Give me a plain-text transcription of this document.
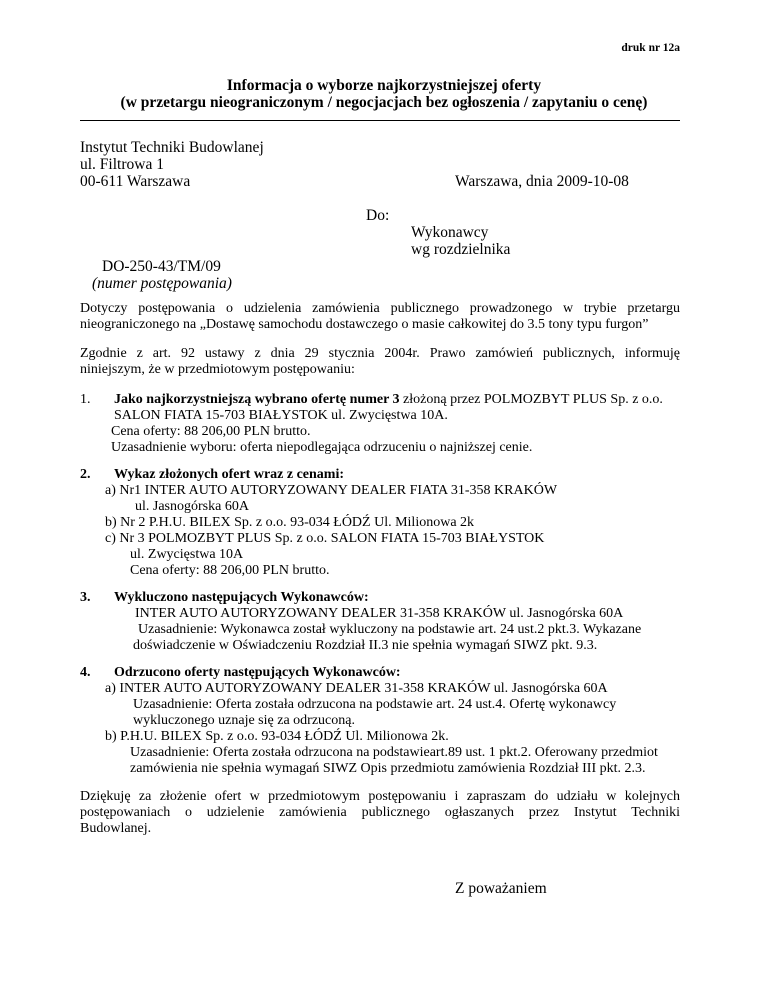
druk nr 12a
Informacja o wyborze najkorzystniejszej oferty
(w przetargu nieograniczonym / negocjacjach bez ogłoszenia / zapytaniu o cenę)
Instytut Techniki Budowlanej
ul. Filtrowa 1
00-611 Warszawa	Warszawa, dnia 2009-10-08
Do:
Wykonawcy
wg rozdzielnika
DO-250-43/TM/09
(numer postępowania)
Dotyczy postępowania o udzielenia zamówienia publicznego prowadzonego w trybie przetargu
nieograniczonego na „Dostawę samochodu dostawczego o masie całkowitej do 3.5 tony typu furgon”
Zgodnie z art. 92 ustawy z dnia 29 stycznia 2004r. Prawo zamówień publicznych, informuję
niniejszym, że w przedmiotowym postępowaniu:
1. Jako najkorzystniejszą wybrano ofertę numer 3 złożoną przez POLMOZBYT PLUS Sp. z o.o.
SALON FIATA 15-703 BIAŁYSTOK ul. Zwycięstwa 10A.
Cena oferty: 88 206,00 PLN brutto.
Uzasadnienie wyboru: oferta niepodlegająca odrzuceniu o najniższej cenie.
2. Wykaz złożonych ofert wraz z cenami:
a) Nr1 INTER AUTO AUTORYZOWANY DEALER FIATA 31-358 KRAKÓW
ul. Jasnogórska 60A
b) Nr 2 P.H.U. BILEX Sp. z o.o. 93-034 ŁÓDŹ Ul. Milionowa 2k
c) Nr 3 POLMOZBYT PLUS Sp. z o.o. SALON FIATA 15-703 BIAŁYSTOK
ul. Zwycięstwa 10A
Cena oferty: 88 206,00 PLN brutto.
3. Wykluczono następujących Wykonawców:
INTER AUTO AUTORYZOWANY DEALER 31-358 KRAKÓW ul. Jasnogórska 60A
Uzasadnienie: Wykonawca został wykluczony na podstawie art. 24 ust.2 pkt.3. Wykazane
doświadczenie w Oświadczeniu Rozdział II.3 nie spełnia wymagań SIWZ pkt. 9.3.
4. Odrzucono oferty następujących Wykonawców:
a) INTER AUTO AUTORYZOWANY DEALER 31-358 KRAKÓW ul. Jasnogórska 60A
Uzasadnienie: Oferta została odrzucona na podstawie art. 24 ust.4. Ofertę wykonawcy
wykluczonego uznaje się za odrzuconą.
b) P.H.U. BILEX Sp. z o.o. 93-034 ŁÓDŹ Ul. Milionowa 2k.
Uzasadnienie: Oferta została odrzucona na podstawieart.89 ust. 1 pkt.2. Oferowany przedmiot
zamówienia nie spełnia wymagań SIWZ Opis przedmiotu zamówienia Rozdział III pkt. 2.3.
Dziękuję za złożenie ofert w przedmiotowym postępowaniu i zapraszam do udziału w kolejnych
postępowaniach o udzielenie zamówienia publicznego ogłaszanych przez Instytut Techniki
Budowlanej.
Z poważaniem
